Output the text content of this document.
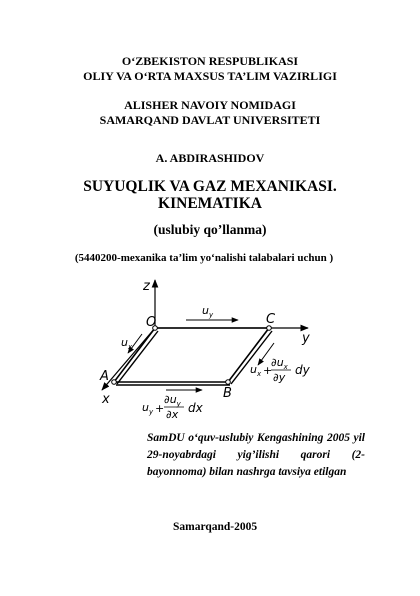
O‘ZBEKISTON RESPUBLIKASI
OLIY VA O‘RTA MAXSUS TA’LIM VAZIRLIGI
ALISHER NAVOIY NOMIDAGI
SAMARQAND DAVLAT UNIVERSITETI
A. ABDIRASHIDOV
SUYUQLIK VA GAZ MEXANIKASI.
KINEMATIKA
(uslubiy qo’llanma)
(5440200-mexanika ta’lim yo‘nalishi talabalari uchun )
z
y
x
O	C
A
B
$u_y$
$u_x$
$u_x$ +
$\partial u_x$
∂y
dy
$u_y$ +
$\partial u_y$
∂x dx
SamDU o‘quv-uslubiy Kengashining 2005 yil 29-noyabrdagi yig’ilishi qarori (2-bayonnoma) bilan nashrga tavsiya etilgan
Samarqand-2005
